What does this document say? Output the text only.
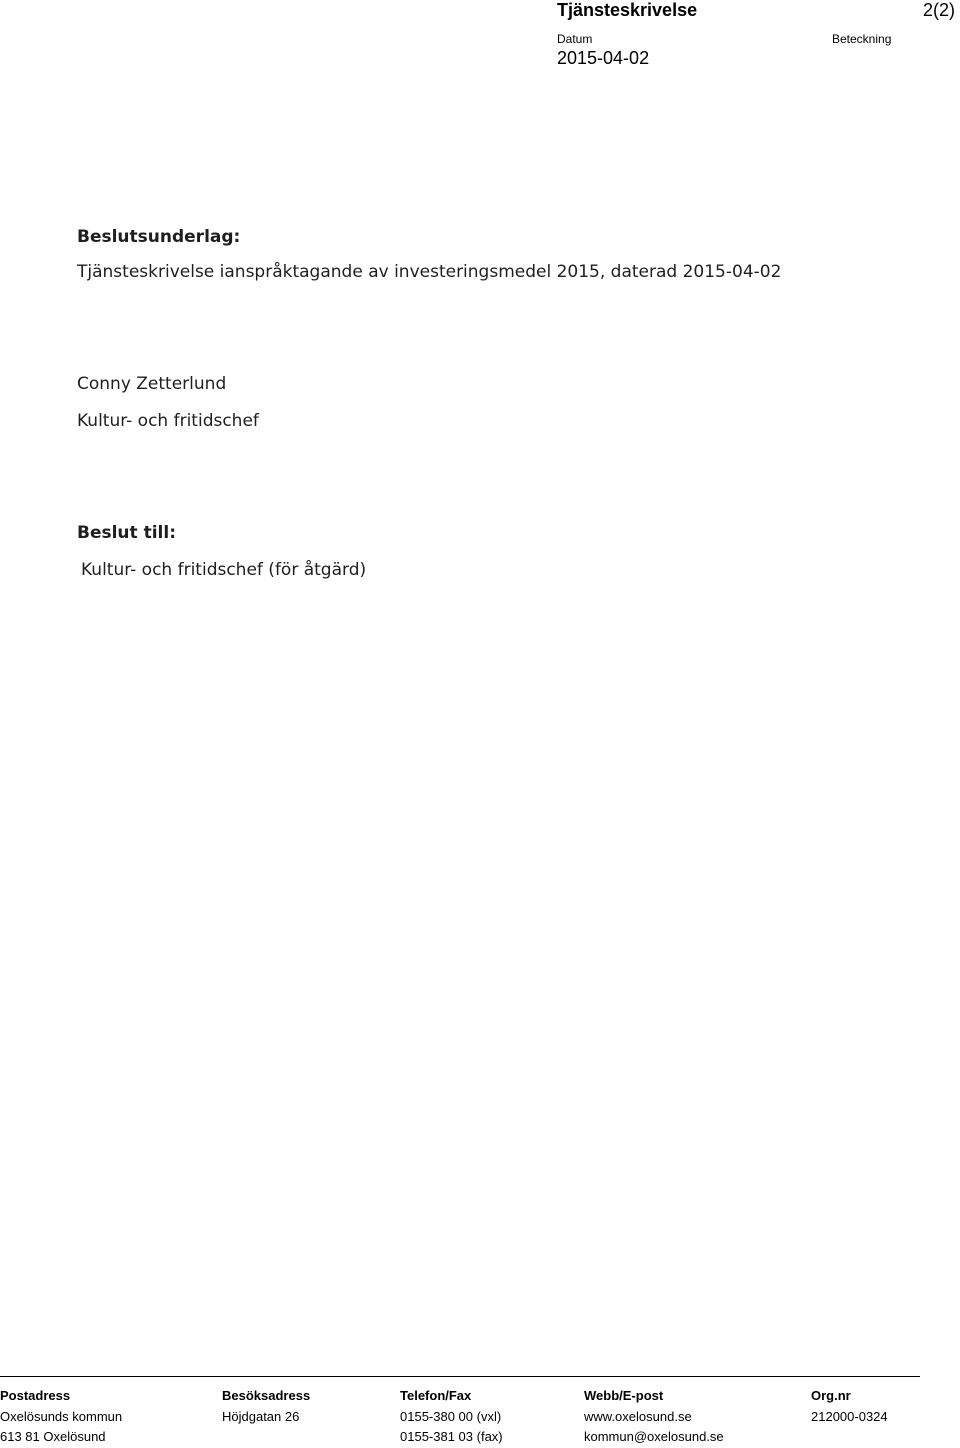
Tjänsteskrivelse	2(2)
Datum	Beteckning
2015-04-02
Beslutsunderlag:
Tjänsteskrivelse ianspråktagande av investeringsmedel 2015, daterad 2015-04-02
Conny Zetterlund
Kultur- och fritidschef
Beslut till:
Kultur- och fritidschef (för åtgärd)
Postadress
Oxelösunds kommun
613 81 Oxelösund
Besöksadress
Höjdgatan 26
Telefon/Fax
0155-380 00 (vxl)
0155-381 03 (fax)
Webb/E-post
www.oxelosund.se
kommun@oxelosund.se
Org.nr
212000-0324
